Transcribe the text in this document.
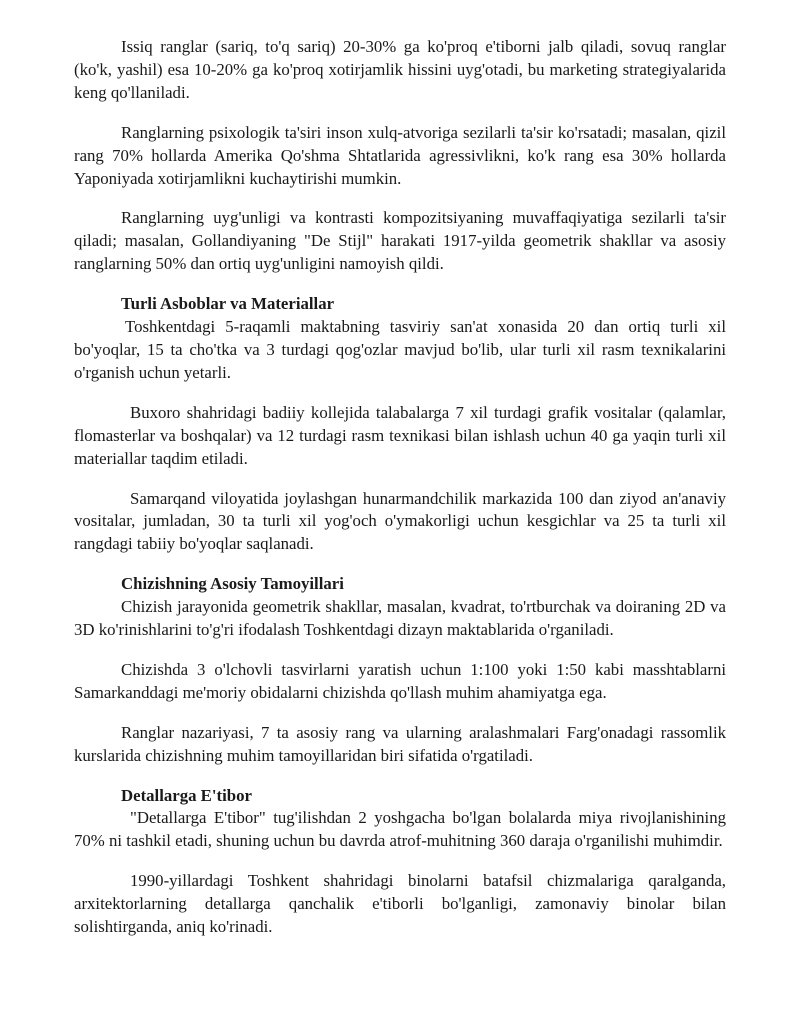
Issiq ranglar (sariq, to'q sariq) 20-30% ga ko'proq e'tiborni jalb qiladi, sovuq ranglar (ko'k, yashil) esa 10-20% ga ko'proq xotirjamlik hissini uyg'otadi, bu marketing strategiyalarida keng qo'llaniladi.

Ranglarning psixologik ta'siri inson xulq-atvoriga sezilarli ta'sir ko'rsatadi; masalan, qizil rang 70% hollarda Amerika Qo'shma Shtatlarida agressivlikni, ko'k rang esa 30% hollarda Yaponiyada xotirjamlikni kuchaytirishi mumkin.

Ranglarning uyg'unligi va kontrasti kompozitsiyaning muvaffaqiyatiga sezilarli ta'sir qiladi; masalan, Gollandiyaning "De Stijl" harakati 1917-yilda geometrik shakllar va asosiy ranglarning 50% dan ortiq uyg'unligini namoyish qildi.

Turli Asboblar va Materiallar

Toshkentdagi 5-raqamli maktabning tasviriy san'at xonasida 20 dan ortiq turli xil bo'yoqlar, 15 ta cho'tka va 3 turdagi qog'ozlar mavjud bo'lib, ular turli xil rasm texnikalarini o'rganish uchun yetarli.

Buxoro shahridagi badiiy kollejida talabalarga 7 xil turdagi grafik vositalar (qalamlar, flomasterlar va boshqalar) va 12 turdagi rasm texnikasi bilan ishlash uchun 40 ga yaqin turli xil materiallar taqdim etiladi.

Samarqand viloyatida joylashgan hunarmandchilik markazida 100 dan ziyod an'anaviy vositalar, jumladan, 30 ta turli xil yog'och o'ymakorligi uchun kesgichlar va 25 ta turli xil rangdagi tabiiy bo'yoqlar saqlanadi.

Chizishning Asosiy Tamoyillari

Chizish jarayonida geometrik shakllar, masalan, kvadrat, to'rtburchak va doiraning 2D va 3D ko'rinishlarini to'g'ri ifodalash Toshkentdagi dizayn maktablarida o'rganiladi.

Chizishda 3 o'lchovli tasvirlarni yaratish uchun 1:100 yoki 1:50 kabi masshtablarni Samarkanddagi me'moriy obidalarni chizishda qo'llash muhim ahamiyatga ega.

Ranglar nazariyasi, 7 ta asosiy rang va ularning aralashmalari Farg'onadagi rassomlik kurslarida chizishning muhim tamoyillaridan biri sifatida o'rgatiladi.

Detallarga E'tibor

"Detallarga E'tibor" tug'ilishdan 2 yoshgacha bo'lgan bolalarda miya rivojlanishining 70% ni tashkil etadi, shuning uchun bu davrda atrof-muhitning 360 daraja o'rganilishi muhimdir.

1990-yillardagi Toshkent shahridagi binolarni batafsil chizmalariga qaralganda, arxitektorlarning detallarga qanchalik e'tiborli bo'lganligi, zamonaviy binolar bilan solishtirganda, aniq ko'rinadi.
